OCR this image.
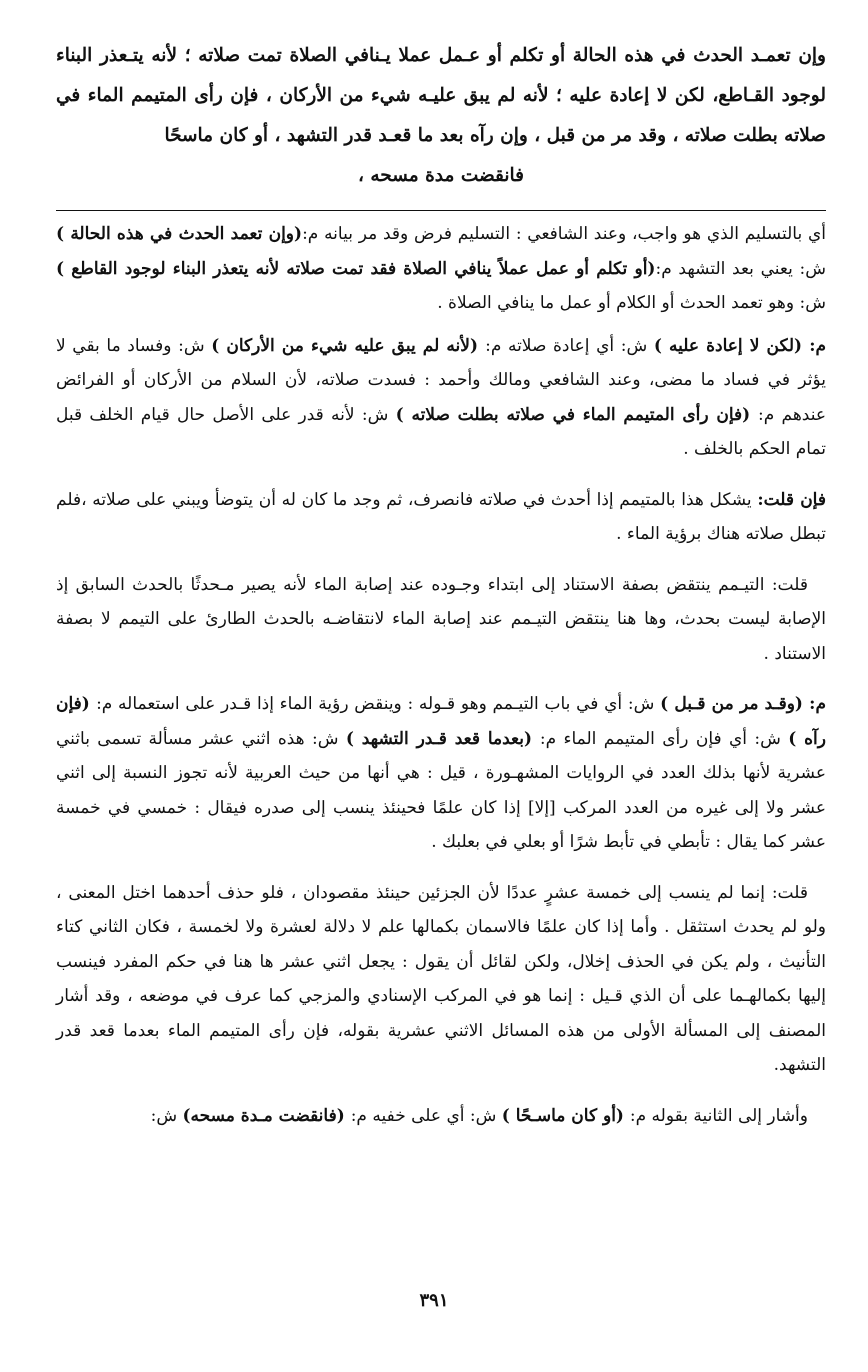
وإن تعمـد الحدث في هذه الحالة أو تكلم أو عـمل عملا يـنافي الصلاة تمت صلاته ؛ لأنه يتـعذر البناء لوجود القـاطع، لكن لا إعادة عليه ؛ لأنه لم يبق عليـه شيء من الأركان ، فإن رأى المتيمم الماء في صلاته بطلت صلاته ، وقد مر من قبل ، وإن رآه بعد ما قعـد قدر التشهد ، أو كان ماسحًا
فانقضت مدة مسحه ،

أي بالتسليم الذي هو واجب، وعند الشافعي : التسليم فرض وقد مر بيانه م:(وإن تعمد الحدث في هذه الحالة ) ش: يعني بعد التشهد م:(أو تكلم أو عمل عملاً ينافي الصلاة فقد تمت صلاته لأنه يتعذر البناء لوجود القاطع ) ش: وهو تعمد الحدث أو الكلام أو عمل ما ينافي الصلاة .

م: (لكن لا إعادة عليه ) ش: أي إعادة صلاته م: (لأنه لم يبق عليه شيء من الأركان ) ش: وفساد ما بقي لا يؤثر في فساد ما مضى، وعند الشافعي ومالك وأحمد : فسدت صلاته، لأن السلام من الأركان أو الفرائض عندهم م: (فإن رأى المتيمم الماء في صلاته بطلت صلاته ) ش: لأنه قدر على الأصل حال قيام الخلف قبل تمام الحكم بالخلف .

فإن قلت: يشكل هذا بالمتيمم إذا أحدث في صلاته فانصرف، ثم وجد ما كان له أن يتوضأ ويبني على صلاته ،فلم تبطل صلاته هناك برؤية الماء .

قلت: التيـمم ينتقض بصفة الاستناد إلى ابتداء وجـوده عند إصابة الماء لأنه يصير مـحدثًا بالحدث السابق إذ الإصابة ليست بحدث، وها هنا ينتقض التيـمم عند إصابة الماء لانتقاضـه بالحدث الطارئ على التيمم لا بصفة الاستناد .

م: (وقـد مر من قـبل ) ش: أي في باب التيـمم وهو قـوله : وينقض رؤية الماء إذا قـدر على استعماله م: (فإن رآه ) ش: أي فإن رأى المتيمم الماء م: (بعدما قعد قـدر التشهد ) ش: هذه اثني عشر مسألة تسمى باثني عشرية لأنها بذلك العدد في الروايات المشهـورة ، قيل : هي أنها من حيث العربية لأنه تجوز النسبة إلى اثني عشر ولا إلى غيره من العدد المركب [إلا] إذا كان علمًا فحينئذ ينسب إلى صدره فيقال : خمسي في خمسة عشر كما يقال : تأبطي في تأبط شرًا أو بعلي في بعلبك .

قلت: إنما لم ينسب إلى خمسة عشرٍ عددًا لأن الجزئين حينئذ مقصودان ، فلو حذف أحدهما اختل المعنى ، ولو لم يحدث استثقل . وأما إذا كان علمًا فالاسمان بكمالها علم لا دلالة لعشرة ولا لخمسة ، فكان الثاني كتاء التأنيث ، ولم يكن في الحذف إخلال، ولكن لقائل أن يقول : يجعل اثني عشر ها هنا في حكم المفرد فينسب إليها بكمالهـما على أن الذي قـيل : إنما هو في المركب الإسنادي والمزجي كما عرف في موضعه ، وقد أشار المصنف إلى المسألة الأولى من هذه المسائل الاثني عشرية بقوله، فإن رأى المتيمم الماء بعدما قعد قدر التشهد.

وأشار إلى الثانية بقوله م: (أو كان ماسـحًا ) ش: أي على خفيه م: (فانقضت مـدة مسحه) ش:

٣٩١
